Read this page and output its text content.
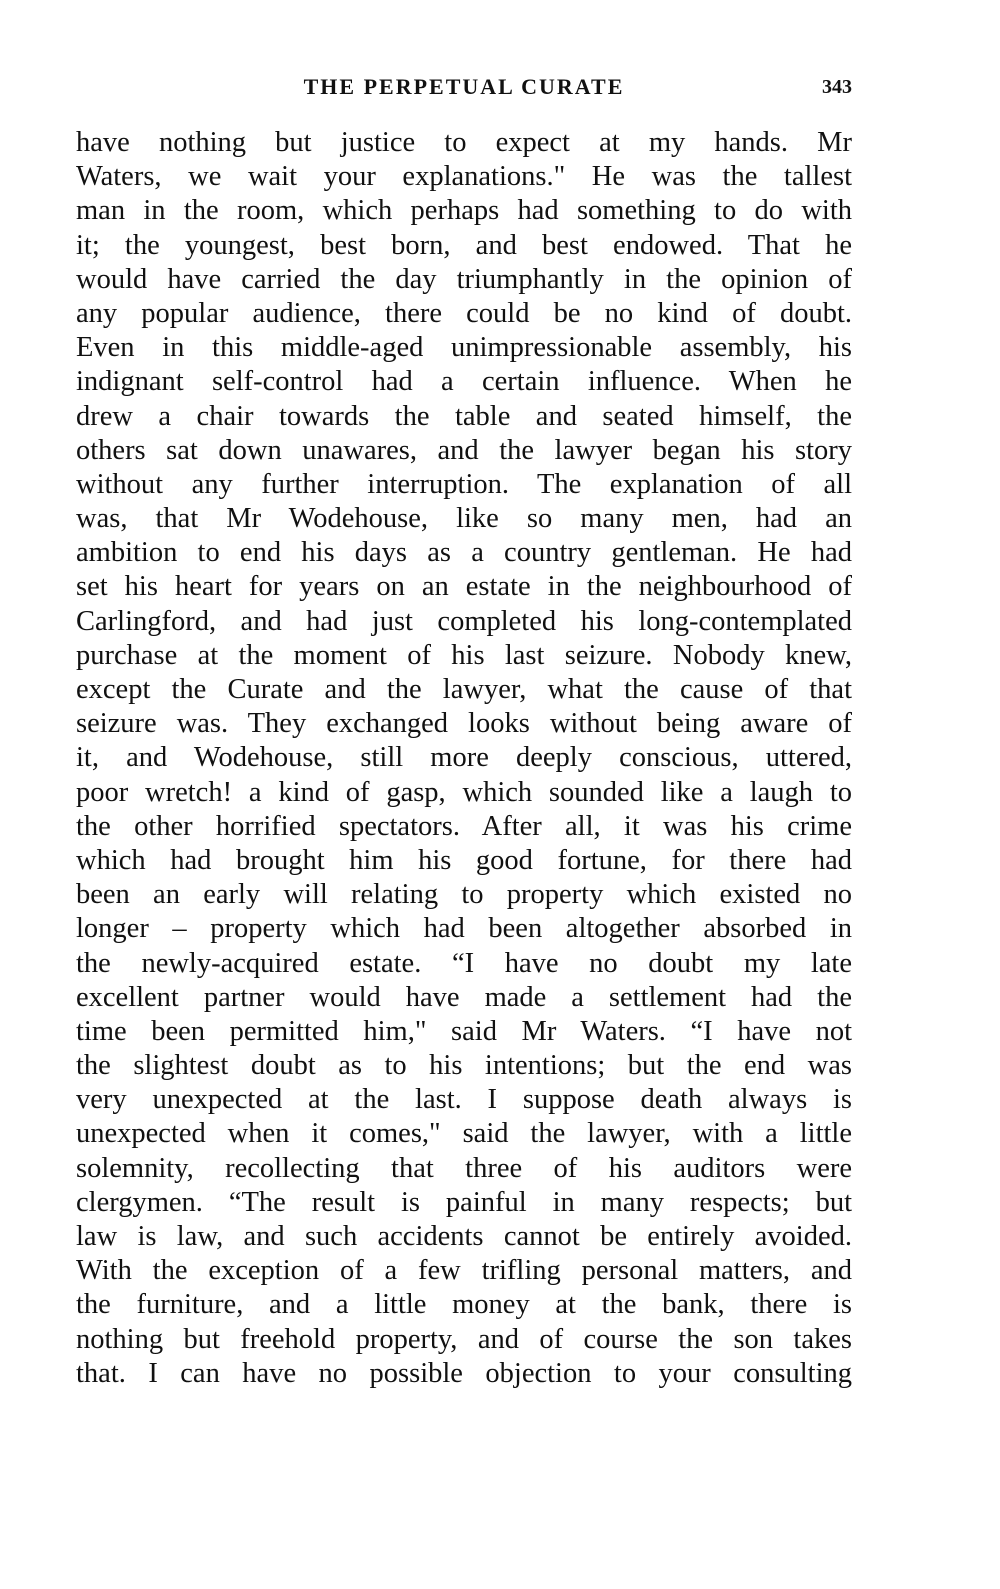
THE PERPETUAL CURATE	343
have nothing but justice to expect at my hands. Mr
Waters, we wait your explanations." He was the tallest
man in the room, which perhaps had something to do with
it; the youngest, best born, and best endowed. That he
would have carried the day triumphantly in the opinion of
any popular audience, there could be no kind of doubt.
Even in this middle-aged unimpressionable assembly, his
indignant self-control had a certain influence. When he
drew a chair towards the table and seated himself, the
others sat down unawares, and the lawyer began his story
without any further interruption. The explanation of all
was, that Mr Wodehouse, like so many men, had an
ambition to end his days as a country gentleman. He had
set his heart for years on an estate in the neighbourhood of
Carlingford, and had just completed his long-contemplated
purchase at the moment of his last seizure. Nobody knew,
except the Curate and the lawyer, what the cause of that
seizure was. They exchanged looks without being aware of
it, and Wodehouse, still more deeply conscious, uttered,
poor wretch! a kind of gasp, which sounded like a laugh to
the other horrified spectators. After all, it was his crime
which had brought him his good fortune, for there had
been an early will relating to property which existed no
longer – property which had been altogether absorbed in
the newly-acquired estate. “I have no doubt my late
excellent partner would have made a settlement had the
time been permitted him," said Mr Waters. “I have not
the slightest doubt as to his intentions; but the end was
very unexpected at the last. I suppose death always is
unexpected when it comes," said the lawyer, with a little
solemnity, recollecting that three of his auditors were
clergymen. “The result is painful in many respects; but
law is law, and such accidents cannot be entirely avoided.
With the exception of a few trifling personal matters, and
the furniture, and a little money at the bank, there is
nothing but freehold property, and of course the son takes
that. I can have no possible objection to your consulting
